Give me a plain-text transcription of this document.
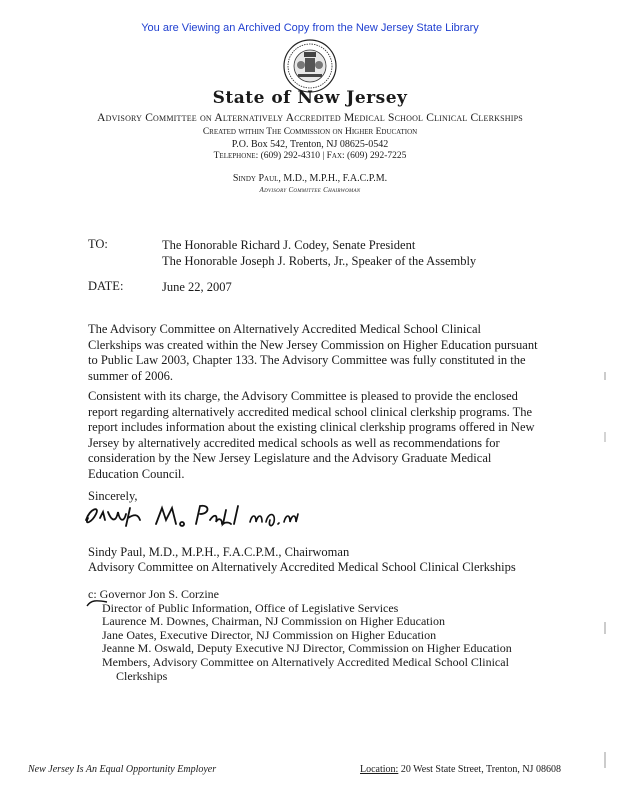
You are Viewing an Archived Copy from the New Jersey State Library
State of New Jersey
Advisory Committee on Alternatively Accredited Medical School Clinical Clerkships
Created within The Commission on Higher Education
P.O. Box 542, Trenton, NJ 08625-0542
Telephone: (609) 292-4310 | Fax: (609) 292-7225
Sindy Paul, M.D., M.P.H., F.A.C.P.M.
Advisory Committee Chairwoman
TO:	The Honorable Richard J. Codey, Senate President
The Honorable Joseph J. Roberts, Jr., Speaker of the Assembly
DATE:	June 22, 2007
The Advisory Committee on Alternatively Accredited Medical School Clinical
Clerkships was created within the New Jersey Commission on Higher Education pursuant
to Public Law 2003, Chapter 133. The Advisory Committee was fully constituted in the
summer of 2006.
Consistent with its charge, the Advisory Committee is pleased to provide the enclosed
report regarding alternatively accredited medical school clinical clerkship programs. The
report includes information about the existing clinical clerkship programs offered in New
Jersey by alternatively accredited medical schools as well as recommendations for
consideration by the New Jersey Legislature and the Advisory Graduate Medical
Education Council.
Sincerely,
Sindy Paul, M.D., M.P.H., F.A.C.P.M., Chairwoman
Advisory Committee on Alternatively Accredited Medical School Clinical Clerkships
c: Governor Jon S. Corzine
Director of Public Information, Office of Legislative Services
Laurence M. Downes, Chairman, NJ Commission on Higher Education
Jane Oates, Executive Director, NJ Commission on Higher Education
Jeanne M. Oswald, Deputy Executive NJ Director, Commission on Higher Education
Members, Advisory Committee on Alternatively Accredited Medical School Clinical
Clerkships
New Jersey Is An Equal Opportunity Employer	Location: 20 West State Street, Trenton, NJ 08608
